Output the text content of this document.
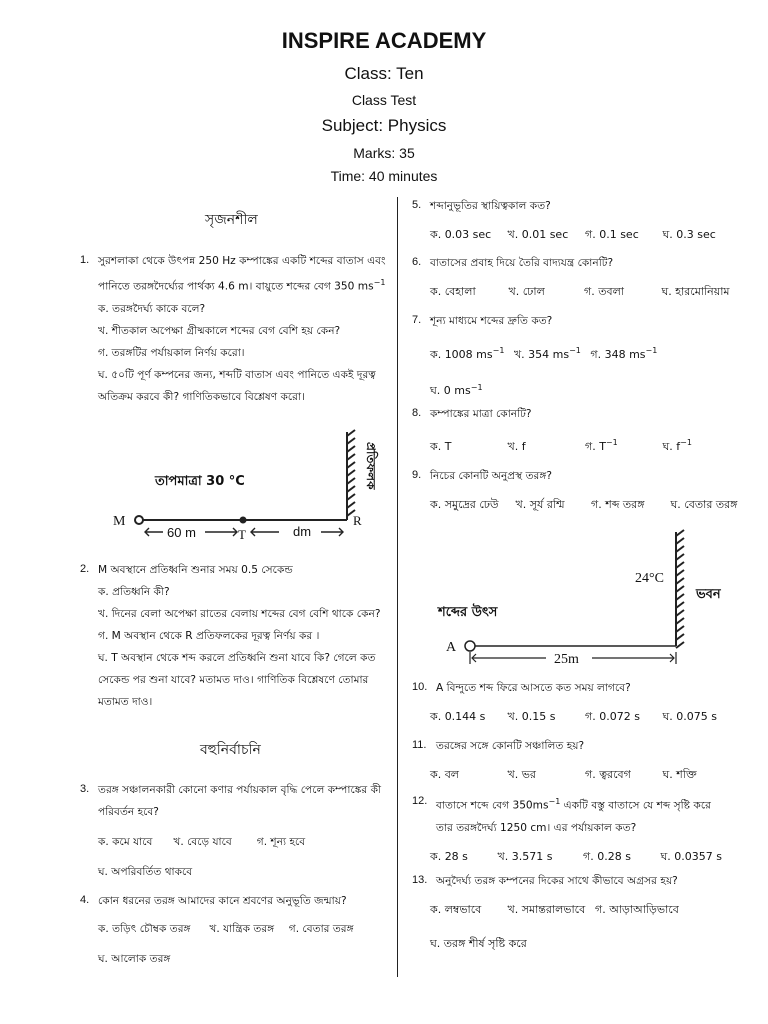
INSPIRE ACADEMY
Class: Ten
Class Test
Subject: Physics
Marks: 35
Time: 40 minutes
সৃজনশীল
1. সুরশলাকা থেকে উৎপন্ন 250 Hz কম্পাঙ্কের একটি শব্দের বাতাস এবং
পানিতে তরঙ্গদৈর্ঘ্যের পার্থক্য 4.6 m। বায়ুতে শব্দের বেগ 350 $ms^{-1}$
ক. তরঙ্গদৈর্ঘ্য কাকে বলে?
খ. শীতকাল অপেক্ষা গ্রীষ্মকালে শব্দের বেগ বেশি হয় কেন?
গ. তরঙ্গটির পর্যায়কাল নির্ণয় করো।
ঘ. ৫০টি পূর্ণ কম্পনের জন্য, শব্দটি বাতাস এবং পানিতে একই দূরত্ব
অতিক্রম করবে কী? গাণিতিকভাবে বিশ্লেষণ করো।
তাপমাত্রা 30 °C	প্রতিফলক
M
T
R
60 m	dm
2. M অবস্থানে প্রতিধ্বনি শুনার সময় 0.5 সেকেন্ড
ক. প্রতিধ্বনি কী?
খ. দিনের বেলা অপেক্ষা রাতের বেলায় শব্দের বেগ বেশি থাকে কেন?
গ. M অবস্থান থেকে R প্রতিফলকের দূরত্ব নির্ণয় কর ।
ঘ. T অবস্থান থেকে শব্দ করলে প্রতিধ্বনি শুনা যাবে কি? গেলে কত
সেকেন্ড পর শুনা যাবে? মতামত দাও। গাণিতিক বিশ্লেষণে তোমার
মতামত দাও।
বহুনির্বাচনি
3. তরঙ্গ সঞ্চালনকারী কোনো কণার পর্যায়কাল বৃদ্ধি পেলে কম্পাঙ্কের কী
পরিবর্তন হবে?
ক. কমে যাবে খ. বেড়ে যাবে গ. শূন্য হবে
ঘ. অপরিবর্তিত থাকবে
4. কোন ধরনের তরঙ্গ আমাদের কানে শ্রবণের অনুভূতি জন্মায়?
ক. তড়িৎ চৌম্বক তরঙ্গ খ. যান্ত্রিক তরঙ্গ গ. বেতার তরঙ্গ
ঘ. আলোক তরঙ্গ
5. শব্দানুভূতির স্থায়িত্বকাল কত?
ক. 0.03 sec খ. 0.01 sec গ. 0.1 sec ঘ. 0.3 sec
6. বাতাসের প্রবাহ দিয়ে তৈরি বাদ্যযন্ত্র কোনটি?
ক. বেহালা	খ. ঢোল	গ. তবলা	ঘ. হারমোনিয়াম
7. শূন্য মাধ্যমে শব্দের দ্রুতি কত?
ক. 1008 $ms^{-1}$ খ. 354 $ms^{-1}$ গ. 348 $ms^{-1}$
ঘ. 0 $ms^{-1}$
8. কম্পাঙ্কের মাত্রা কোনটি?
ক. T	খ. f	গ. $T^{-1}$	ঘ. $f^{-1}$
9. নিচের কোনটি অনুপ্রস্থ তরঙ্গ?
ক. সমুদ্রের ঢেউ খ. সূর্য রশ্মি গ. শব্দ তরঙ্গ ঘ. বেতার তরঙ্গ
24°C
ভবন
শব্দের উৎস
A
25m
10. A বিন্দুতে শব্দ ফিরে আসতে কত সময় লাগবে?
ক. 0.144 s খ. 0.15 s	গ. 0.072 s ঘ. 0.075 s
11. তরঙ্গের সঙ্গে কোনটি সঞ্চালিত হয়?
ক. বল	খ. ভর	গ. ত্বরবেগ	ঘ. শক্তি
12. বাতাসে শব্দে বেগ $350ms^{-1}$ একটি বস্তু বাতাসে যে শব্দ সৃষ্টি করে
তার তরঙ্গদৈর্ঘ্য 1250 cm। এর পর্যায়কাল কত?
ক. 28 s	খ. 3.571 s	গ. 0.28 s	ঘ. 0.0357 s
13. অনুদৈর্ঘ্য তরঙ্গ কম্পনের দিকের সাথে কীভাবে অগ্রসর হয়?
ক. লম্বভাবে খ. সমান্তরালভাবে গ. আড়াআড়িভাবে
ঘ. তরঙ্গ শীর্ষ সৃষ্টি করে
